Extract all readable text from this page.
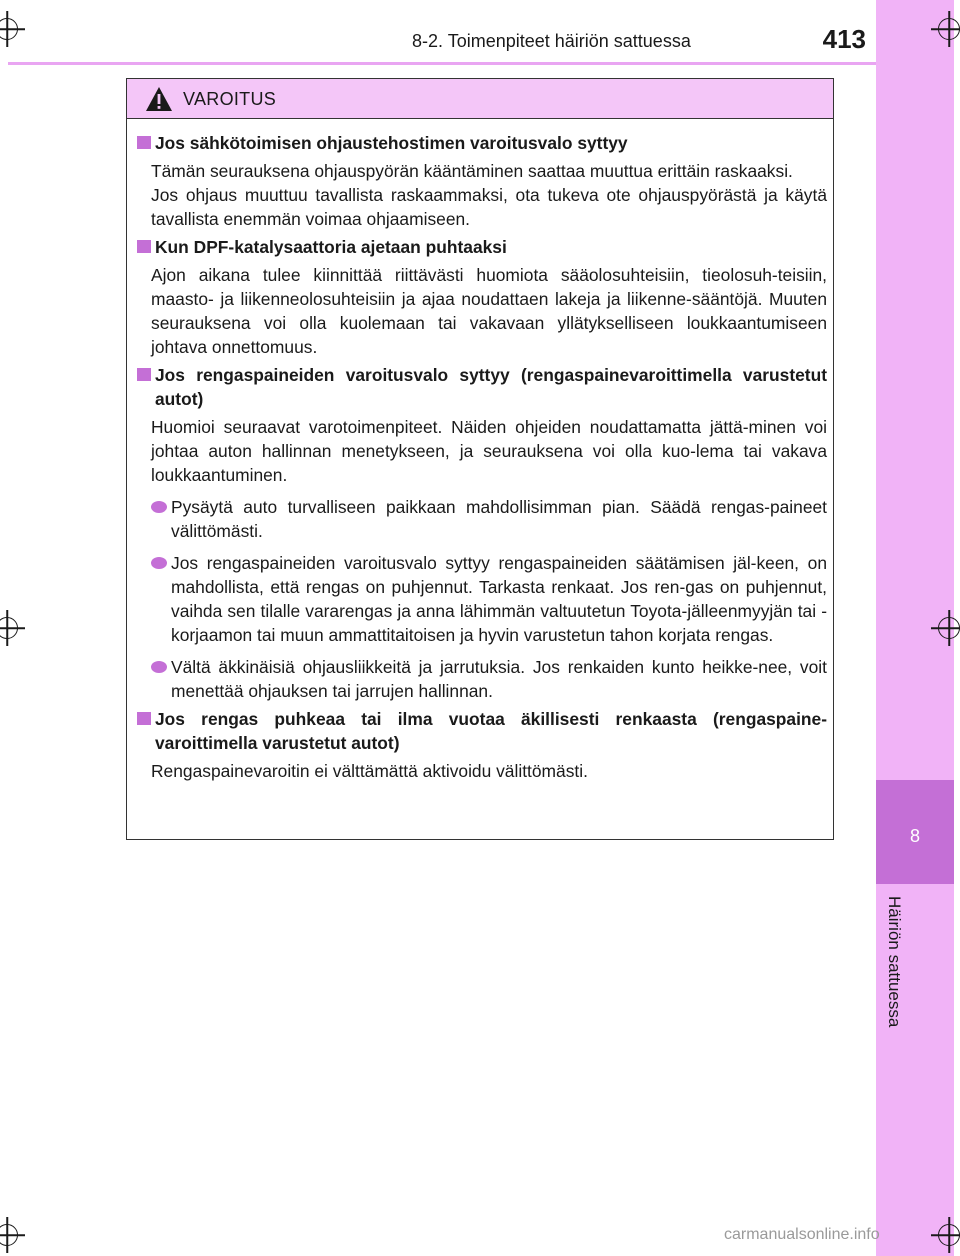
8-2. Toimenpiteet häiriön sattuessa	413
8
Häiriön sattuessa
VAROITUS
Jos sähkötoimisen ohjaustehostimen varoitusvalo syttyy
Tämän seurauksena ohjauspyörän kääntäminen saattaa muuttua erittäin raskaaksi.
Jos ohjaus muuttuu tavallista raskaammaksi, ota tukeva ote ohjauspyörästä ja käytä tavallista enemmän voimaa ohjaamiseen.
Kun DPF-katalysaattoria ajetaan puhtaaksi
Ajon aikana tulee kiinnittää riittävästi huomiota sääolosuhteisiin, tieolosuh-teisiin, maasto- ja liikenneolosuhteisiin ja ajaa noudattaen lakeja ja liikenne-sääntöjä. Muuten seurauksena voi olla kuolemaan tai vakavaan yllätykselliseen loukkaantumiseen johtava onnettomuus.
Jos rengaspaineiden varoitusvalo syttyy (rengaspainevaroittimella varustetut autot)
Huomioi seuraavat varotoimenpiteet. Näiden ohjeiden noudattamatta jättä-minen voi johtaa auton hallinnan menetykseen, ja seurauksena voi olla kuo-lema tai vakava loukkaantuminen.
Pysäytä auto turvalliseen paikkaan mahdollisimman pian. Säädä rengas-paineet välittömästi.
Jos rengaspaineiden varoitusvalo syttyy rengaspaineiden säätämisen jäl-keen, on mahdollista, että rengas on puhjennut. Tarkasta renkaat. Jos ren-gas on puhjennut, vaihda sen tilalle vararengas ja anna lähimmän valtuutetun Toyota-jälleenmyyjän tai -korjaamon tai muun ammattitaitoisen ja hyvin varustetun tahon korjata rengas.
Vältä äkkinäisiä ohjausliikkeitä ja jarrutuksia. Jos renkaiden kunto heikke-nee, voit menettää ohjauksen tai jarrujen hallinnan.
Jos rengas puhkeaa tai ilma vuotaa äkillisesti renkaasta (rengaspaine-varoittimella varustetut autot)
Rengaspainevaroitin ei välttämättä aktivoidu välittömästi.
carmanualsonline.info
